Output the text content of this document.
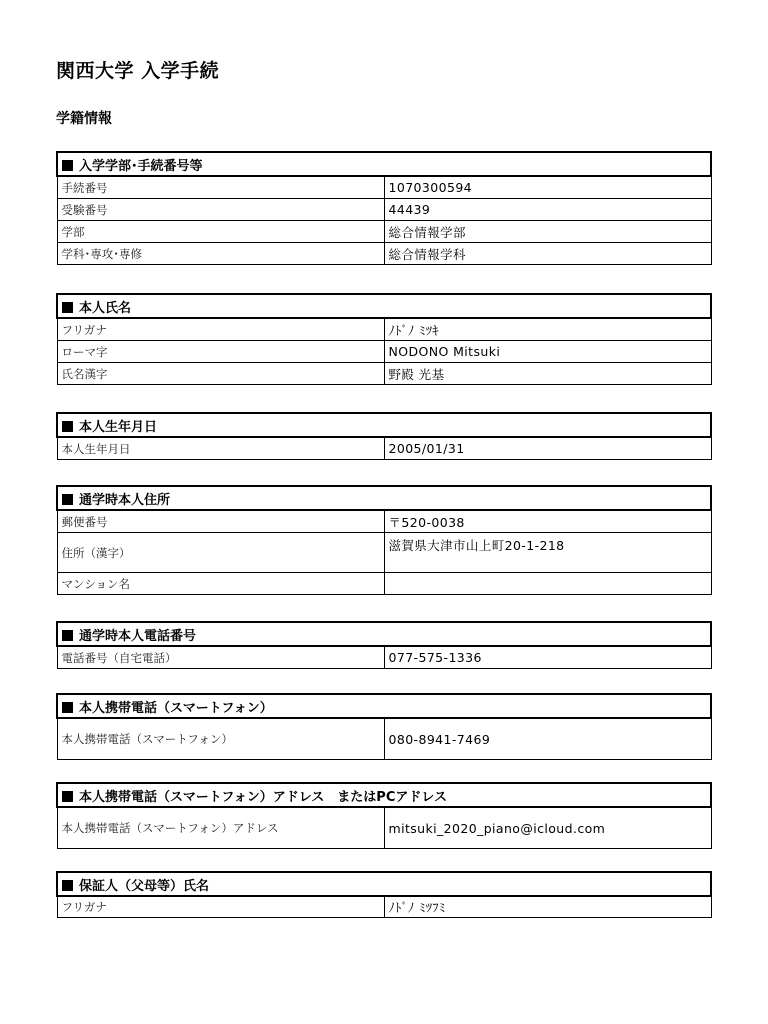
関西大学 入学手続
学籍情報
入学学部･手続番号等	
手続番号	1070300594
受験番号	44439
学部	総合情報学部
学科･専攻･専修	総合情報学科
本人氏名	
フリガナ	ﾉﾄﾞﾉ ﾐﾂｷ
ローマ字	NODONO Mitsuki
氏名漢字	野殿 光基
本人生年月日
本人生年月日	2005/01/31
通学時本人住所	
郵便番号	〒520-0038
住所（漢字）	滋賀県大津市山上町20-1-218
マンション名	
通学時本人電話番号
電話番号（自宅電話）	077-575-1336
本人携帯電話（スマートフォン）
本人携帯電話（スマートフォン）	080-8941-7469
本人携帯電話（スマートフォン）アドレス　またはPCアドレス
本人携帯電話（スマートフォン）アドレス	mitsuki_2020_piano@icloud.com
保証人（父母等）氏名
フリガナ	ﾉﾄﾞﾉ ﾐﾂﾌﾐ
